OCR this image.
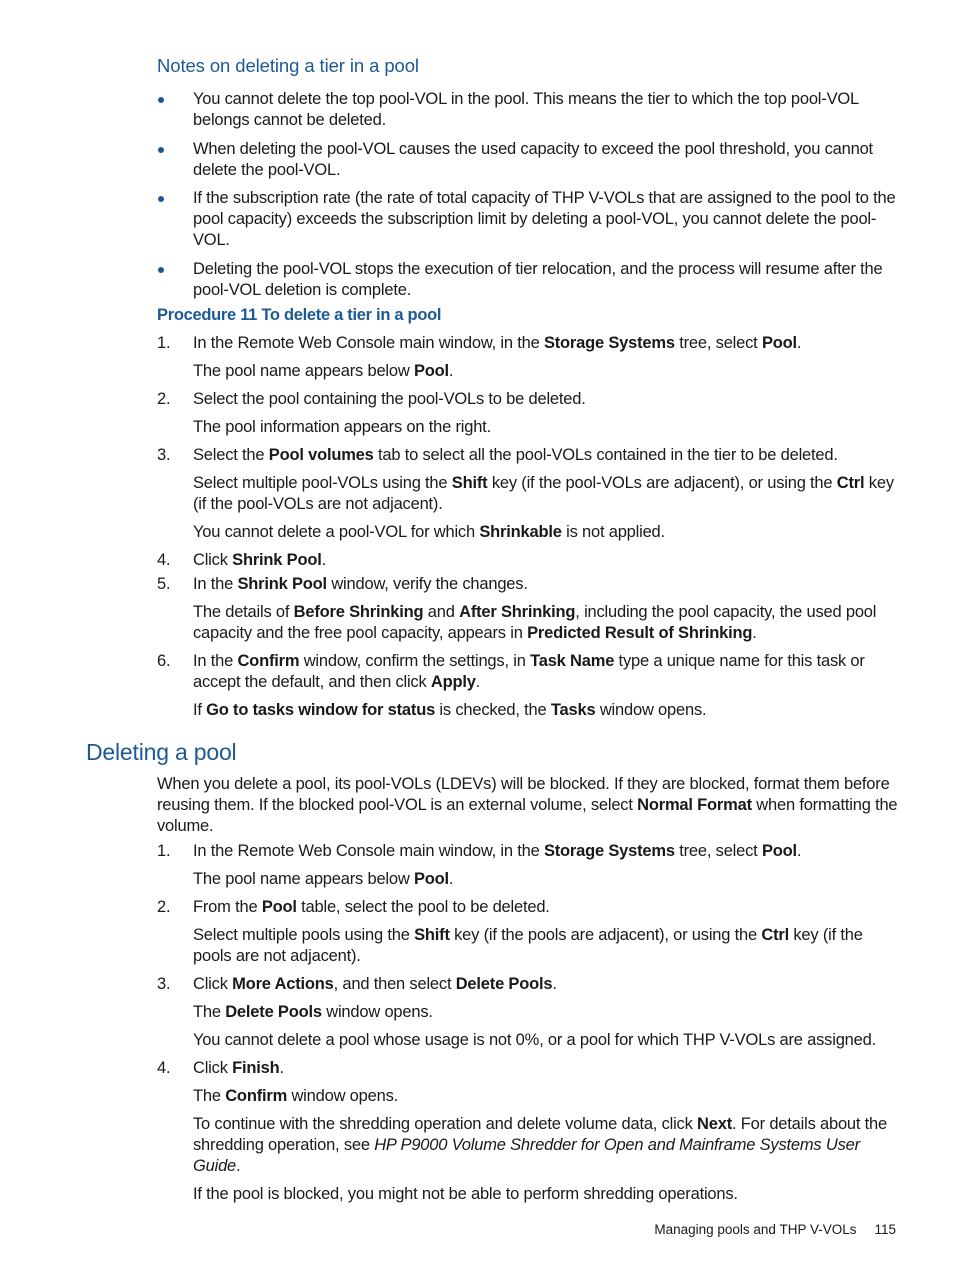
Notes on deleting a tier in a pool
You cannot delete the top pool-VOL in the pool. This means the tier to which the top pool-VOL belongs cannot be deleted.
When deleting the pool-VOL causes the used capacity to exceed the pool threshold, you cannot delete the pool-VOL.
If the subscription rate (the rate of total capacity of THP V-VOLs that are assigned to the pool to the pool capacity) exceeds the subscription limit by deleting a pool-VOL, you cannot delete the pool-VOL.
Deleting the pool-VOL stops the execution of tier relocation, and the process will resume after the pool-VOL deletion is complete.
Procedure 11 To delete a tier in a pool
1. In the Remote Web Console main window, in the Storage Systems tree, select Pool.

The pool name appears below Pool.

2. Select the pool containing the pool-VOLs to be deleted.

The pool information appears on the right.

3. Select the Pool volumes tab to select all the pool-VOLs contained in the tier to be deleted.

Select multiple pool-VOLs using the Shift key (if the pool-VOLs are adjacent), or using the Ctrl key (if the pool-VOLs are not adjacent).

You cannot delete a pool-VOL for which Shrinkable is not applied.

4. Click Shrink Pool.

5. In the Shrink Pool window, verify the changes.

The details of Before Shrinking and After Shrinking, including the pool capacity, the used pool capacity and the free pool capacity, appears in Predicted Result of Shrinking.

6. In the Confirm window, confirm the settings, in Task Name type a unique name for this task or accept the default, and then click Apply.

If Go to tasks window for status is checked, the Tasks window opens.

Deleting a pool

When you delete a pool, its pool-VOLs (LDEVs) will be blocked. If they are blocked, format them before reusing them. If the blocked pool-VOL is an external volume, select Normal Format when formatting the volume.

1. In the Remote Web Console main window, in the Storage Systems tree, select Pool.

The pool name appears below Pool.

2. From the Pool table, select the pool to be deleted.

Select multiple pools using the Shift key (if the pools are adjacent), or using the Ctrl key (if the pools are not adjacent).

3. Click More Actions, and then select Delete Pools.

The Delete Pools window opens.

You cannot delete a pool whose usage is not 0%, or a pool for which THP V-VOLs are assigned.

4. Click Finish.

The Confirm window opens.

To continue with the shredding operation and delete volume data, click Next. For details about the shredding operation, see HP P9000 Volume Shredder for Open and Mainframe Systems User Guide.

If the pool is blocked, you might not be able to perform shredding operations.

Managing pools and THP V-VOLs 115
